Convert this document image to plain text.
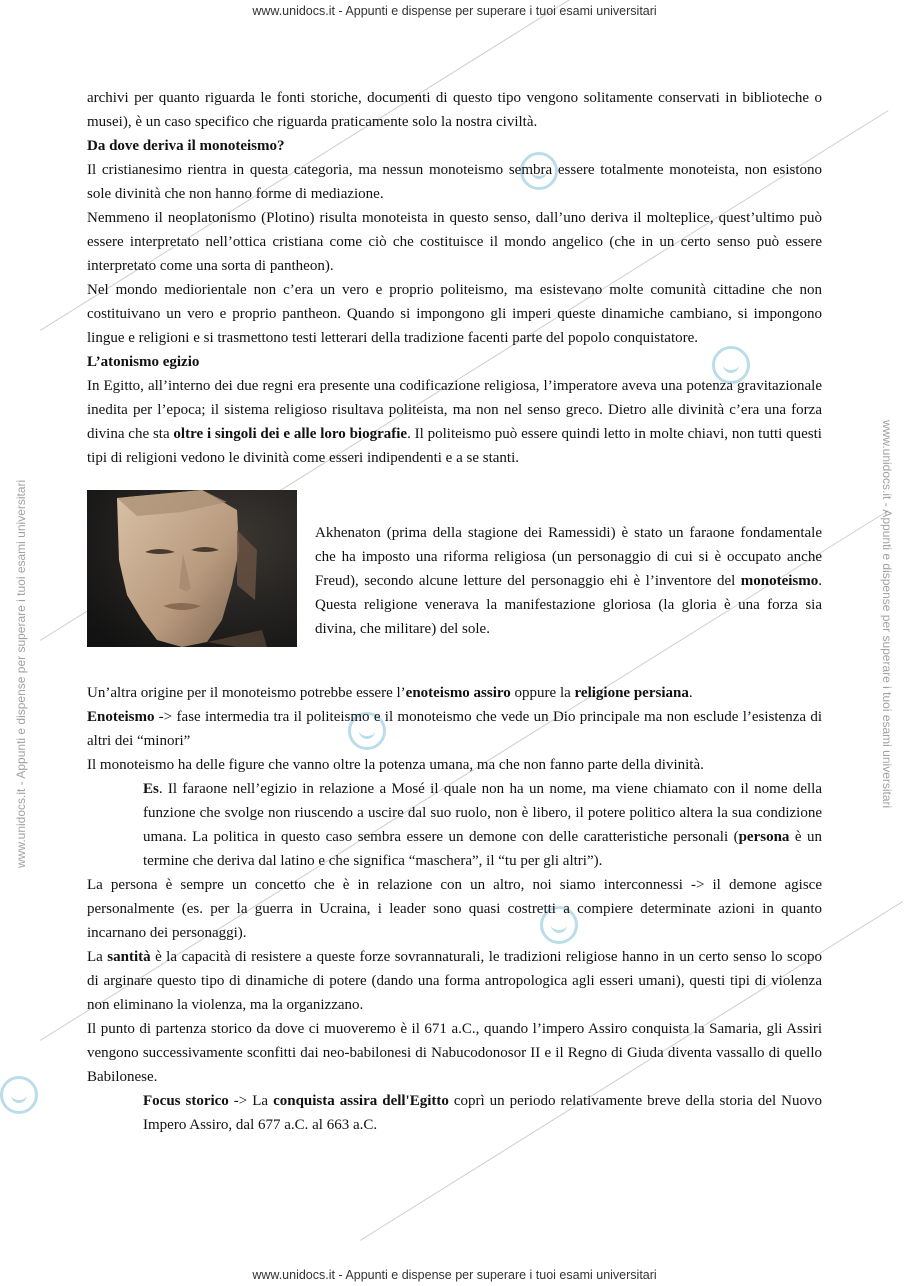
www.unidocs.it - Appunti e dispense per superare i tuoi esami universitari
www.unidocs.it - Appunti e dispense per superare i tuoi esami universitari
www.unidocs.it - Appunti e dispense per superare i tuoi esami universitari	www.unidocs.it - Appunti e dispense per superare i tuoi esami universitari

archivi per quanto riguarda le fonti storiche, documenti di questo tipo vengono solitamente conservati in biblioteche o musei), è un caso specifico che riguarda praticamente solo la nostra civiltà.

Da dove deriva il monoteismo?

Il cristianesimo rientra in questa categoria, ma nessun monoteismo sembra essere totalmente monoteista, non esistono sole divinità che non hanno forme di mediazione.

Nemmeno il neoplatonismo (Plotino) risulta monoteista in questo senso, dall’uno deriva il molteplice, quest’ultimo può essere interpretato nell’ottica cristiana come ciò che costituisce il mondo angelico (che in un certo senso può essere interpretato come una sorta di pantheon).

Nel mondo mediorientale non c’era un vero e proprio politeismo, ma esistevano molte comunità cittadine che non costituivano un vero e proprio pantheon. Quando si impongono gli imperi queste dinamiche cambiano, si impongono lingue e religioni e si trasmettono testi letterari della tradizione facenti parte del popolo conquistatore.

L’atonismo egizio

In Egitto, all’interno dei due regni era presente una codificazione religiosa, l’imperatore aveva una potenza gravitazionale inedita per l’epoca; il sistema religioso risultava politeista, ma non nel senso greco. Dietro alle divinità c’era una forza divina che sta oltre i singoli dei e alle loro biografie. Il politeismo può essere quindi letto in molte chiavi, non tutti questi tipi di religioni vedono le divinità come esseri indipendenti e a se stanti.

Akhenaton (prima della stagione dei Ramessidi) è stato un faraone fondamentale che ha imposto una riforma religiosa (un personaggio di cui si è occupato anche Freud), secondo alcune letture del personaggio ehi è l’inventore del monoteismo. Questa religione venerava la manifestazione gloriosa (la gloria è una forza sia divina, che militare) del sole.

Un’altra origine per il monoteismo potrebbe essere l’enoteismo assiro oppure la religione persiana.

Enoteismo -> fase intermedia tra il politeismo e il monoteismo che vede un Dio principale ma non esclude l’esistenza di altri dei “minori”

Il monoteismo ha delle figure che vanno oltre la potenza umana, ma che non fanno parte della divinità.

Es. Il faraone nell’egizio in relazione a Mosé il quale non ha un nome, ma viene chiamato con il nome della funzione che svolge non riuscendo a uscire dal suo ruolo, non è libero, il potere politico altera la sua condizione umana. La politica in questo caso sembra essere un demone con delle caratteristiche personali (persona è un termine che deriva dal latino e che significa “maschera”, il “tu per gli altri”).

La persona è sempre un concetto che è in relazione con un altro, noi siamo interconnessi -> il demone agisce personalmente (es. per la guerra in Ucraina, i leader sono quasi costretti a compiere determinate azioni in quanto incarnano dei personaggi).

La santità è la capacità di resistere a queste forze sovrannaturali, le tradizioni religiose hanno in un certo senso lo scopo di arginare questo tipo di dinamiche di potere (dando una forma antropologica agli esseri umani), questi tipi di violenza non eliminano la violenza, ma la organizzano.

Il punto di partenza storico da dove ci muoveremo è il 671 a.C., quando l’impero Assiro conquista la Samaria, gli Assiri vengono successivamente sconfitti dai neo-babilonesi di Nabucodonosor II e il Regno di Giuda diventa vassallo di quello Babilonese.

Focus storico -> La conquista assira dell'Egitto coprì un periodo relativamente breve della storia del Nuovo Impero Assiro, dal 677 a.C. al 663 a.C.
